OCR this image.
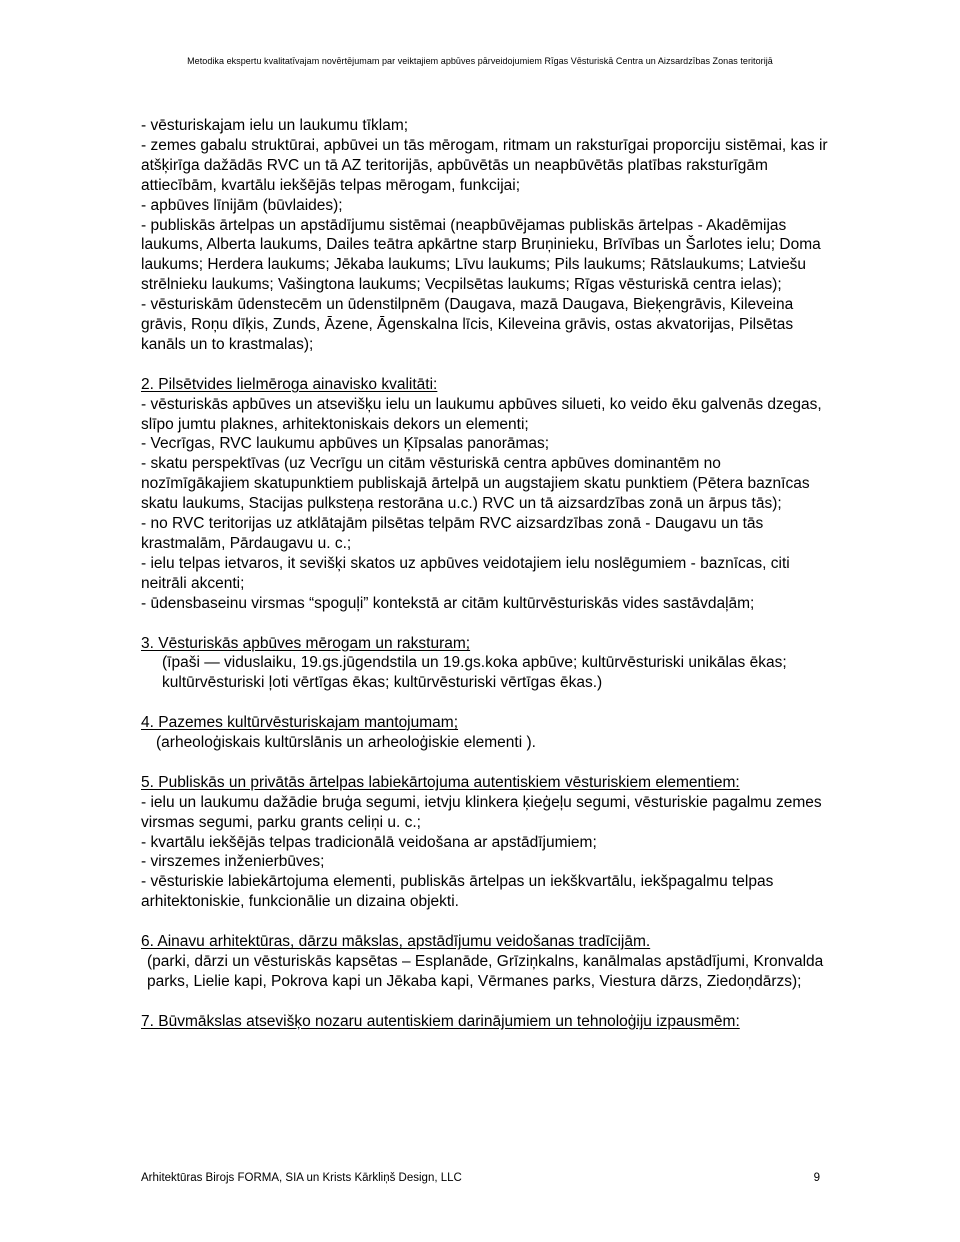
Metodika ekspertu kvalitatīvajam novērtējumam par veiktajiem apbūves pārveidojumiem Rīgas Vēsturiskā Centra un Aizsardzības Zonas teritorijā

- vēsturiskajam ielu un laukumu tīklam;

- zemes gabalu struktūrai, apbūvei un tās mērogam, ritmam un raksturīgai proporciju sistēmai, kas ir atšķirīga dažādās RVC un tā AZ teritorijās, apbūvētās un neapbūvētās platības raksturīgām attiecībām, kvartālu iekšējās telpas mērogam, funkcijai;

- apbūves līnijām (būvlaides);

- publiskās ārtelpas un apstādījumu sistēmai (neapbūvējamas publiskās ārtelpas - Akadēmijas laukums, Alberta laukums, Dailes teātra apkārtne starp Bruņinieku, Brīvības un Šarlotes ielu; Doma laukums; Herdera laukums; Jēkaba laukums; Līvu laukums; Pils laukums; Rātslaukums; Latviešu strēlnieku laukums; Vašingtona laukums; Vecpilsētas laukums; Rīgas vēsturiskā centra ielas);

- vēsturiskām ūdenstecēm un ūdenstilpnēm (Daugava, mazā Daugava, Bieķengrāvis, Kileveina grāvis, Roņu dīķis, Zunds, Āzene, Āgenskalna līcis, Kileveina grāvis, ostas akvatorijas, Pilsētas kanāls un to krastmalas);

2. Pilsētvides lielmēroga ainavisko kvalitāti:

- vēsturiskās apbūves un atsevišķu ielu un laukumu apbūves silueti, ko veido ēku galvenās dzegas, slīpo jumtu plaknes, arhitektoniskais dekors un elementi;

- Vecrīgas, RVC laukumu apbūves un Ķīpsalas panorāmas;

- skatu perspektīvas (uz Vecrīgu un citām vēsturiskā centra apbūves dominantēm no nozīmīgākajiem skatupunktiem publiskajā ārtelpā un augstajiem skatu punktiem (Pētera baznīcas skatu laukums, Stacijas pulksteņa restorāna u.c.) RVC un tā aizsardzības zonā un ārpus tās);

- no RVC teritorijas uz atklātajām pilsētas telpām RVC aizsardzības zonā - Daugavu un tās krastmalām, Pārdaugavu u. c.;

- ielu telpas ietvaros, it sevišķi skatos uz apbūves veidotajiem ielu noslēgumiem - baznīcas, citi neitrāli akcenti;

- ūdensbaseinu virsmas “spoguļi” kontekstā ar citām kultūrvēsturiskās vides sastāvdaļām;

3. Vēsturiskās apbūves mērogam un raksturam;

(īpaši — viduslaiku, 19.gs.jūgendstila un 19.gs.koka apbūve; kultūrvēsturiski unikālas ēkas; kultūrvēsturiski ļoti vērtīgas ēkas; kultūrvēsturiski vērtīgas ēkas.)

4. Pazemes kultūrvēsturiskajam mantojumam;

(arheoloģiskais kultūrslānis un arheoloģiskie elementi ).

5. Publiskās un privātās ārtelpas labiekārtojuma autentiskiem vēsturiskiem elementiem:

- ielu un laukumu dažādie bruģa segumi, ietvju klinkera ķieģeļu segumi, vēsturiskie pagalmu zemes virsmas segumi, parku grants celiņi u. c.;

- kvartālu iekšējās telpas tradicionālā veidošana ar apstādījumiem;

- virszemes inženierbūves;

- vēsturiskie labiekārtojuma elementi, publiskās ārtelpas un iekškvartālu, iekšpagalmu telpas arhitektoniskie, funkcionālie un dizaina objekti.

6. Ainavu arhitektūras, dārzu mākslas, apstādījumu veidošanas tradīcijām.

(parki, dārzi un vēsturiskās kapsētas – Esplanāde, Grīziņkalns, kanālmalas apstādījumi, Kronvalda parks, Lielie kapi, Pokrova kapi un Jēkaba kapi, Vērmanes parks, Viestura dārzs, Ziedoņdārzs);

7. Būvmākslas atsevišķo nozaru autentiskiem darinājumiem un tehnoloģiju izpausmēm:

Arhitektūras Birojs FORMA, SIA un Krists Kārkliņš Design, LLC	9
